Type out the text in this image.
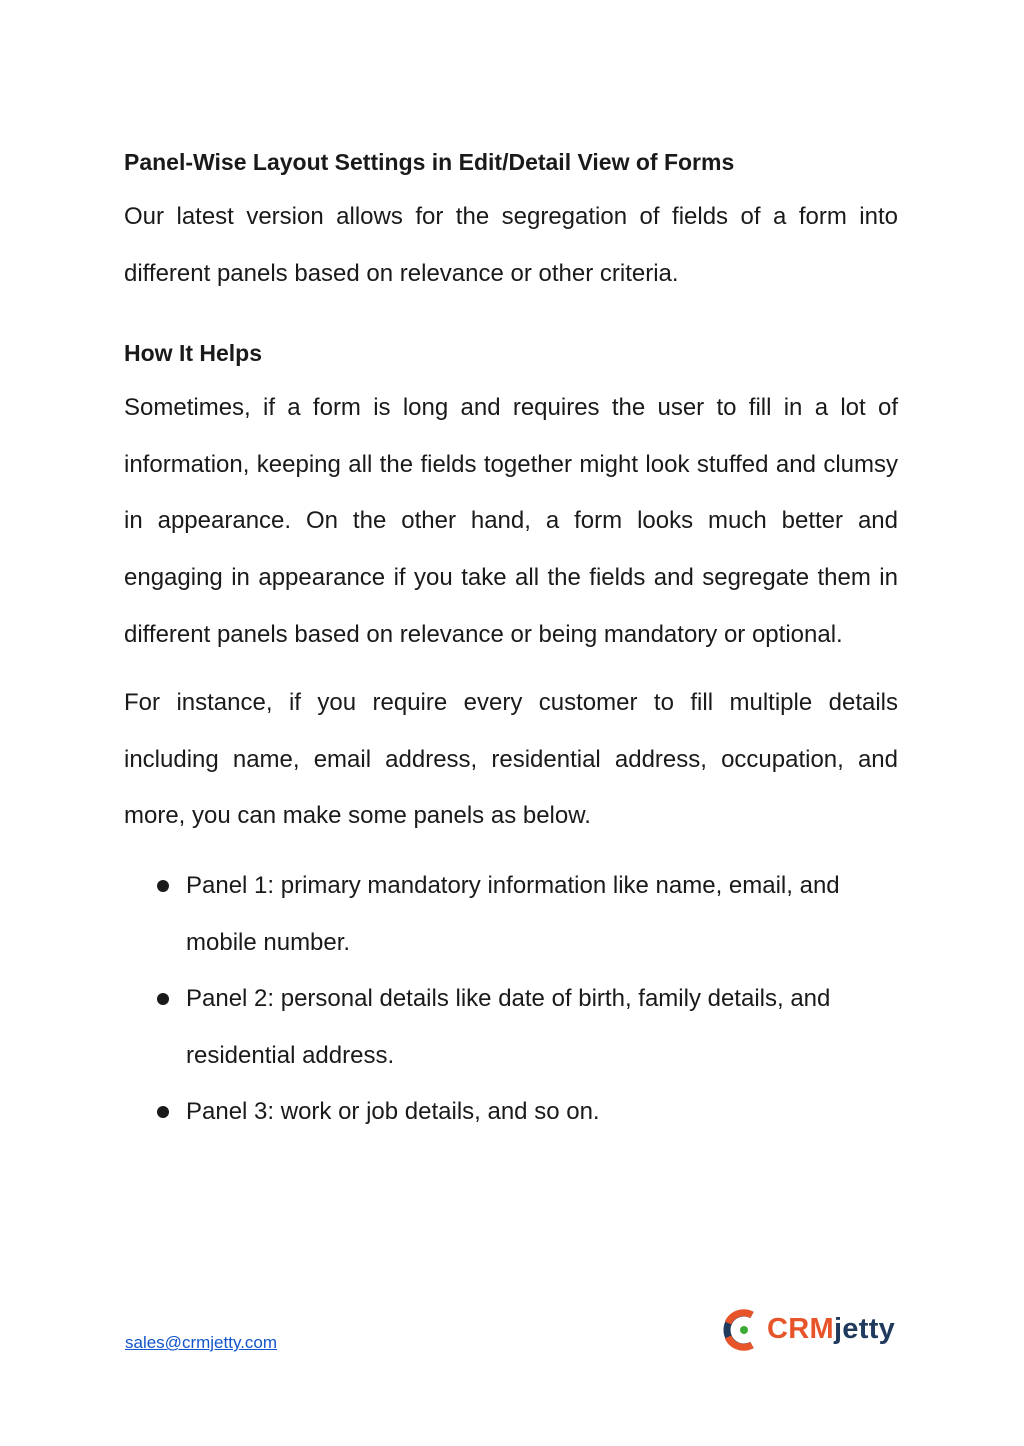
Panel-Wise Layout Settings in Edit/Detail View of Forms

Our latest version allows for the segregation of fields of a form into different panels based on relevance or other criteria.

How It Helps

Sometimes, if a form is long and requires the user to fill in a lot of information, keeping all the fields together might look stuffed and clumsy in appearance. On the other hand, a form looks much better and engaging in appearance if you take all the fields and segregate them in different panels based on relevance or being mandatory or optional.

For instance, if you require every customer to fill multiple details including name, email address, residential address, occupation, and more, you can make some panels as below.

Panel 1: primary mandatory information like name, email, and mobile number.
Panel 2: personal details like date of birth, family details, and residential address.
Panel 3: work or job details, and so on.
sales@crmjetty.com	CRMjetty
